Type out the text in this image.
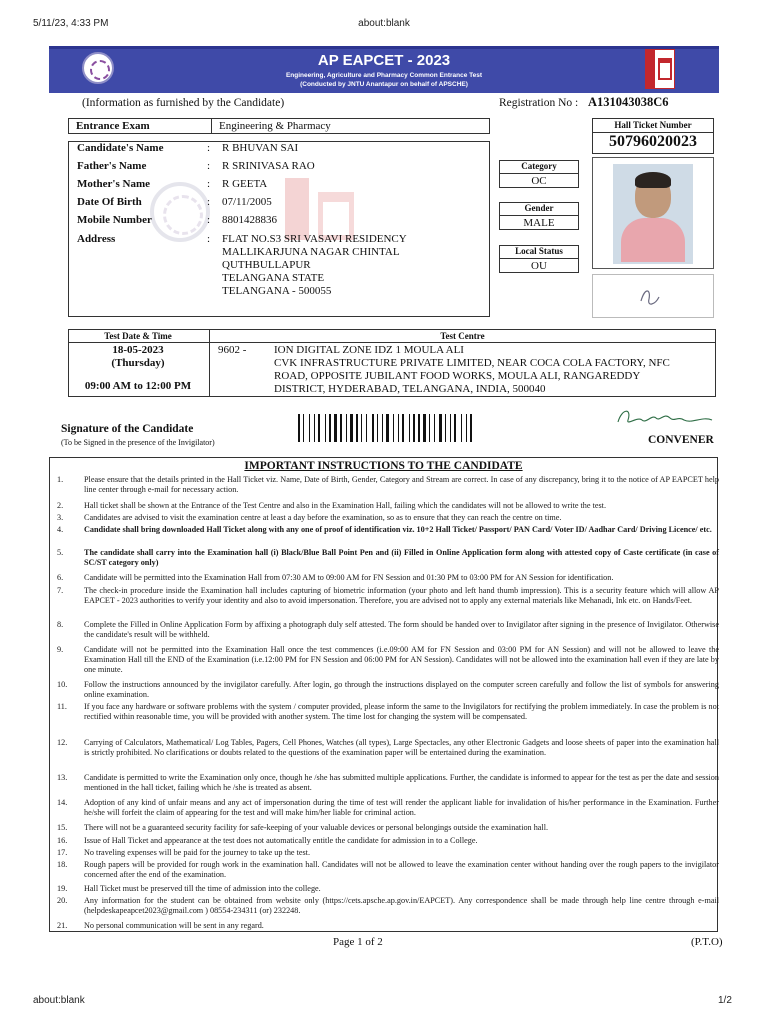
5/11/23, 4:33 PM	about:blank
AP EAPCET - 2023
Engineering, Agriculture and Pharmacy Common Entrance Test
(Conducted by JNTU Anantapur on behalf of APSCHE)
(Information as furnished by the Candidate)	Registration No : A131043038C6
Entrance Exam	Engineering & Pharmacy	Hall Ticket Number
50796020023
Candidate's Name	: R BHUVAN SAI
Father's Name	: R SRINIVASA RAO
Mother's Name	: R GEETA
Date Of Birth	: 07/11/2005
Mobile Number	: 8801428836
Address	: FLAT NO.S3 SRI VASAVI RESIDENCY
MALLIKARJUNA NAGAR CHINTAL
QUTHBULLAPUR
TELANGANA STATE
TELANGANA - 500055
Category
OC
Gender
MALE
Local Status
OU
Test Date & Time	Test Centre
18-05-2023
(Thursday)
09:00 AM to 12:00 PM
9602 -	ION DIGITAL ZONE IDZ 1 MOULA ALI
CVK INFRASTRUCTURE PRIVATE LIMITED, NEAR COCA COLA FACTORY, NFC
ROAD, OPPOSITE JUBILANT FOOD WORKS, MOULA ALI, RANGAREDDY
DISTRICT, HYDERABAD, TELANGANA, INDIA, 500040
Signature of the Candidate
(To be Signed in the presence of the Invigilator)	CONVENER
IMPORTANT INSTRUCTIONS TO THE CANDIDATE
1.	Please ensure that the details printed in the Hall Ticket viz. Name, Date of Birth, Gender, Category and Stream are correct. In case of any discrepancy, bring it to the notice of AP EAPCET help line center through e-mail for necessary action.
2.	Hall ticket shall be shown at the Entrance of the Test Centre and also in the Examination Hall, failing which the candidates will not be allowed to write the test.
3.	Candidates are advised to visit the examination centre at least a day before the examination, so as to ensure that they can reach the centre on time.
4.	Candidate shall bring downloaded Hall Ticket along with any one of proof of identification viz. 10+2 Hall Ticket/ Passport/ PAN Card/ Voter ID/ Aadhar Card/ Driving Licence/ etc.
5.	The candidate shall carry into the Examination hall (i) Black/Blue Ball Point Pen and (ii) Filled in Online Application form along with attested copy of Caste certificate (in case of SC/ST category only)
6.	Candidate will be permitted into the Examination Hall from 07:30 AM to 09:00 AM for FN Session and 01:30 PM to 03:00 PM for AN Session for identification.
7.	The check-in procedure inside the Examination hall includes capturing of biometric information (your photo and left hand thumb impression). This is a security feature which will allow AP EAPCET - 2023 authorities to verify your identity and also to avoid impersonation. Therefore, you are advised not to apply any external materials like Mehanadi, Ink etc. on Hands/Feet.
8.	Complete the Filled in Online Application Form by affixing a photograph duly self attested. The form should be handed over to Invigilator after signing in the presence of Invigilator. Otherwise the candidate's result will be withheld.
9.	Candidate will not be permitted into the Examination Hall once the test commences (i.e.09:00 AM for FN Session and 03:00 PM for AN Session) and will not be allowed to leave the Examination Hall till the END of the Examination (i.e.12:00 PM for FN Session and 06:00 PM for AN Session). Candidates will not be allowed into the examination hall even if they are late by one minute.
10. Follow the instructions announced by the invigilator carefully. After login, go through the instructions displayed on the computer screen carefully and follow the list of symbols for answering online examination.
11. If you face any hardware or software problems with the system / computer provided, please inform the same to the Invigilators for rectifying the problem immediately. In case the problem is not rectified within reasonable time, you will be provided with another system. The time lost for changing the system will be compensated.
12. Carrying of Calculators, Mathematical/ Log Tables, Pagers, Cell Phones, Watches (all types), Large Spectacles, any other Electronic Gadgets and loose sheets of paper into the examination hall is strictly prohibited. No clarifications or doubts related to the questions of the examination paper will be entertained during the examination.
13. Candidate is permitted to write the Examination only once, though he /she has submitted multiple applications. Further, the candidate is informed to appear for the test as per the date and session mentioned in the hall ticket, failing which he /she is treated as absent.
14. Adoption of any kind of unfair means and any act of impersonation during the time of test will render the applicant liable for invalidation of his/her performance in the Examination. Further he/she will forfeit the claim of appearing for the test and will make him/her liable for criminal action.
15. There will not be a guaranteed security facility for safe-keeping of your valuable devices or personal belongings outside the examination hall.
16. Issue of Hall Ticket and appearance at the test does not automatically entitle the candidate for admission in to a College.
17. No traveling expenses will be paid for the journey to take up the test.
18. Rough papers will be provided for rough work in the examination hall. Candidates will not be allowed to leave the examination center without handing over the rough papers to the invigilator concerned after the end of the examination.
19. Hall Ticket must be preserved till the time of admission into the college.
20. Any information for the student can be obtained from website only (https://cets.apsche.ap.gov.in/EAPCET). Any correspondence shall be made through help line centre through e-mail (helpdeskapeapcet2023@gmail.com ) 08554-234311 (or) 232248.
21. No personal communication will be sent in any regard.
Page 1 of 2	(P.T.O)
about:blank	1/2
